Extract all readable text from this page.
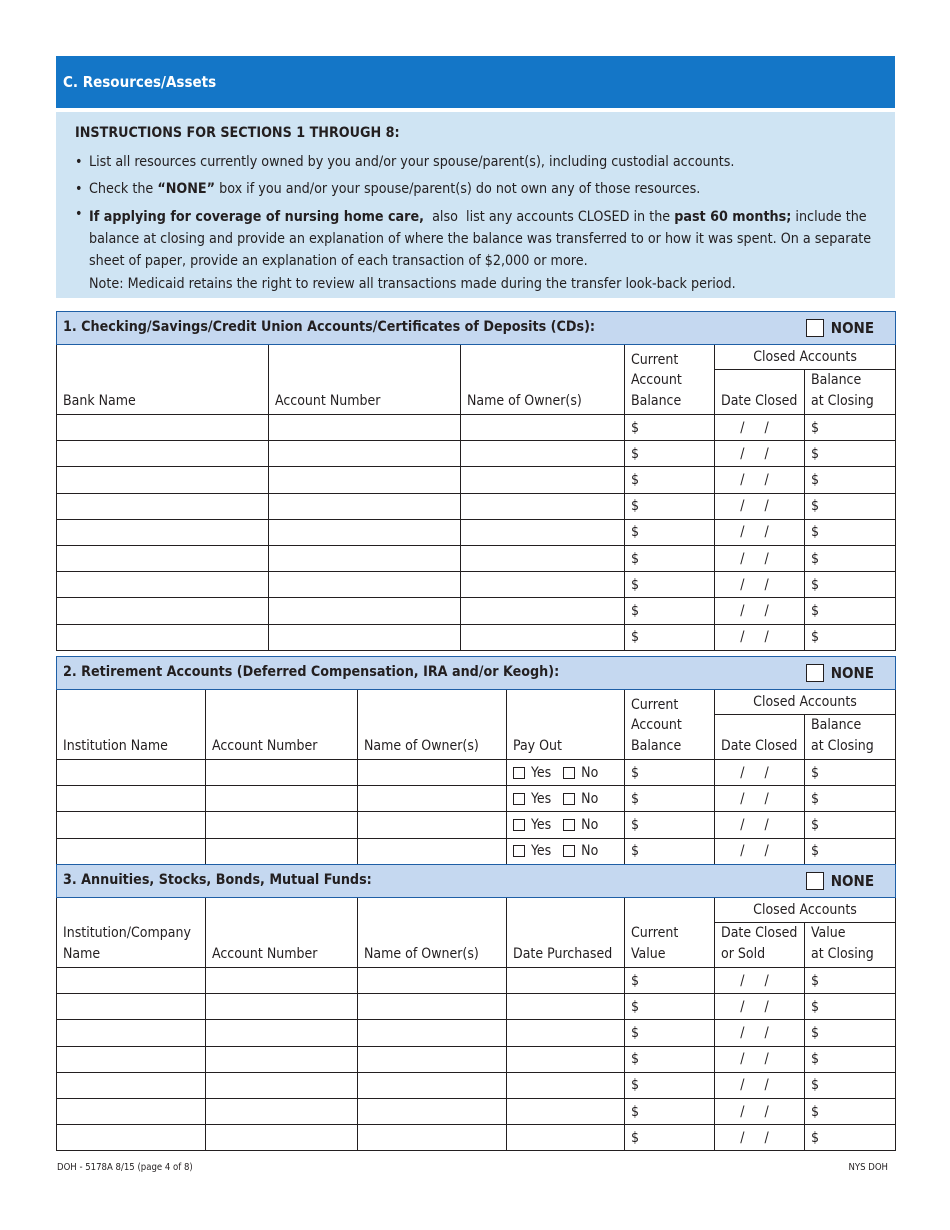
C. Resources/Assets
INSTRUCTIONS FOR SECTIONS 1 THROUGH 8:
• List all resources currently owned by you and/or your spouse/parent(s), including custodial accounts.
• Check the “NONE” box if you and/or your spouse/parent(s) do not own any of those resources.
• If applying for coverage of nursing home care,  also  list any accounts CLOSED in the past 60 months; include the balance at closing and provide an explanation of where the balance was transferred to or how it was spent. On a separate sheet of paper, provide an explanation of each transaction of $2,000 or more.
Note: Medicaid retains the right to review all transactions made during the transfer look-back period.
1. Checking/Savings/Credit Union Accounts/Certificates of Deposits (CDs): NONE					

Bank Name	Account Number	Name of Owner(s)	Current
Account
Balance	Closed Accounts	
				Date Closed	Balance
at Closing
			$	/ /	$
			$	/ /	$
			$	/ /	$
			$	/ /	$
			$	/ /	$
			$	/ /	$
			$	/ /	$
			$	/ /	$
			$	/ /	$
2. Retirement Accounts (Deferred Compensation, IRA and/or Keogh): NONE						

Institution Name	Account Number	Name of Owner(s)	Pay Out	Current
Account
Balance	Closed Accounts	
					Date Closed	Balance
at Closing

			Yes No	$	/ /	$

			Yes No	$	/ /	$

			Yes No	$	/ /	$

			Yes No	$	/ /	$
3. Annuities, Stocks, Bonds, Mutual Funds: NONE						

Institution/Company
Name	Account Number	Name of Owner(s)	Date Purchased	Current
Value	Closed Accounts	
					Date Closed
or Sold	Value
at Closing
				$	/ /	$
				$	/ /	$
				$	/ /	$
				$	/ /	$
				$	/ /	$
				$	/ /	$
				$	/ /	$
DOH - 5178A 8/15 (page 4 of 8)	NYS DOH
